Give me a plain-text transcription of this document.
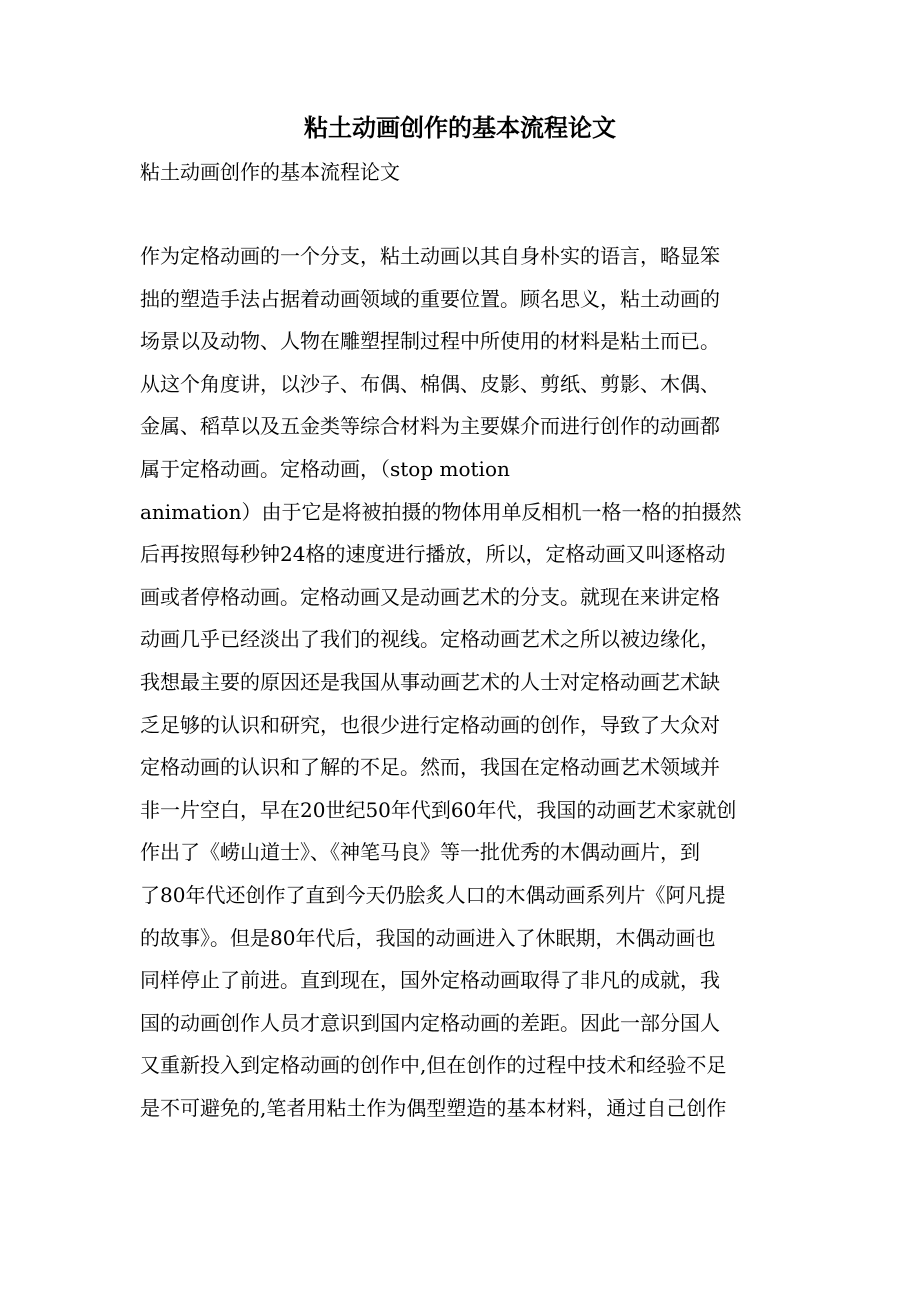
粘土动画创作的基本流程论文
粘土动画创作的基本流程论文
作为定格动画的一个分支，粘土动画以其自身朴实的语言，略显笨
拙的塑造手法占据着动画领域的重要位置。顾名思义，粘土动画的
场景以及动物、人物在雕塑捏制过程中所使用的材料是粘土而已。
从这个角度讲，以沙子、布偶、棉偶、皮影、剪纸、剪影、木偶、
金属、稻草以及五金类等综合材料为主要媒介而进行创作的动画都
属于定格动画。定格动画，（stop motion
animation）由于它是将被拍摄的物体用单反相机一格一格的拍摄然
后再按照每秒钟24格的速度进行播放，所以，定格动画又叫逐格动
画或者停格动画。定格动画又是动画艺术的分支。就现在来讲定格
动画几乎已经淡出了我们的视线。定格动画艺术之所以被边缘化，
我想最主要的原因还是我国从事动画艺术的人士对定格动画艺术缺
乏足够的认识和研究，也很少进行定格动画的创作，导致了大众对
定格动画的认识和了解的不足。然而，我国在定格动画艺术领域并
非一片空白，早在20世纪50年代到60年代，我国的动画艺术家就创
作出了《崂山道士》、《神笔马良》等一批优秀的木偶动画片，到
了80年代还创作了直到今天仍脍炙人口的木偶动画系列片《阿凡提
的故事》。但是80年代后，我国的动画进入了休眠期，木偶动画也
同样停止了前进。直到现在，国外定格动画取得了非凡的成就，我
国的动画创作人员才意识到国内定格动画的差距。因此一部分国人
又重新投入到定格动画的创作中,但在创作的过程中技术和经验不足
是不可避免的,笔者用粘土作为偶型塑造的基本材料，通过自己创作
